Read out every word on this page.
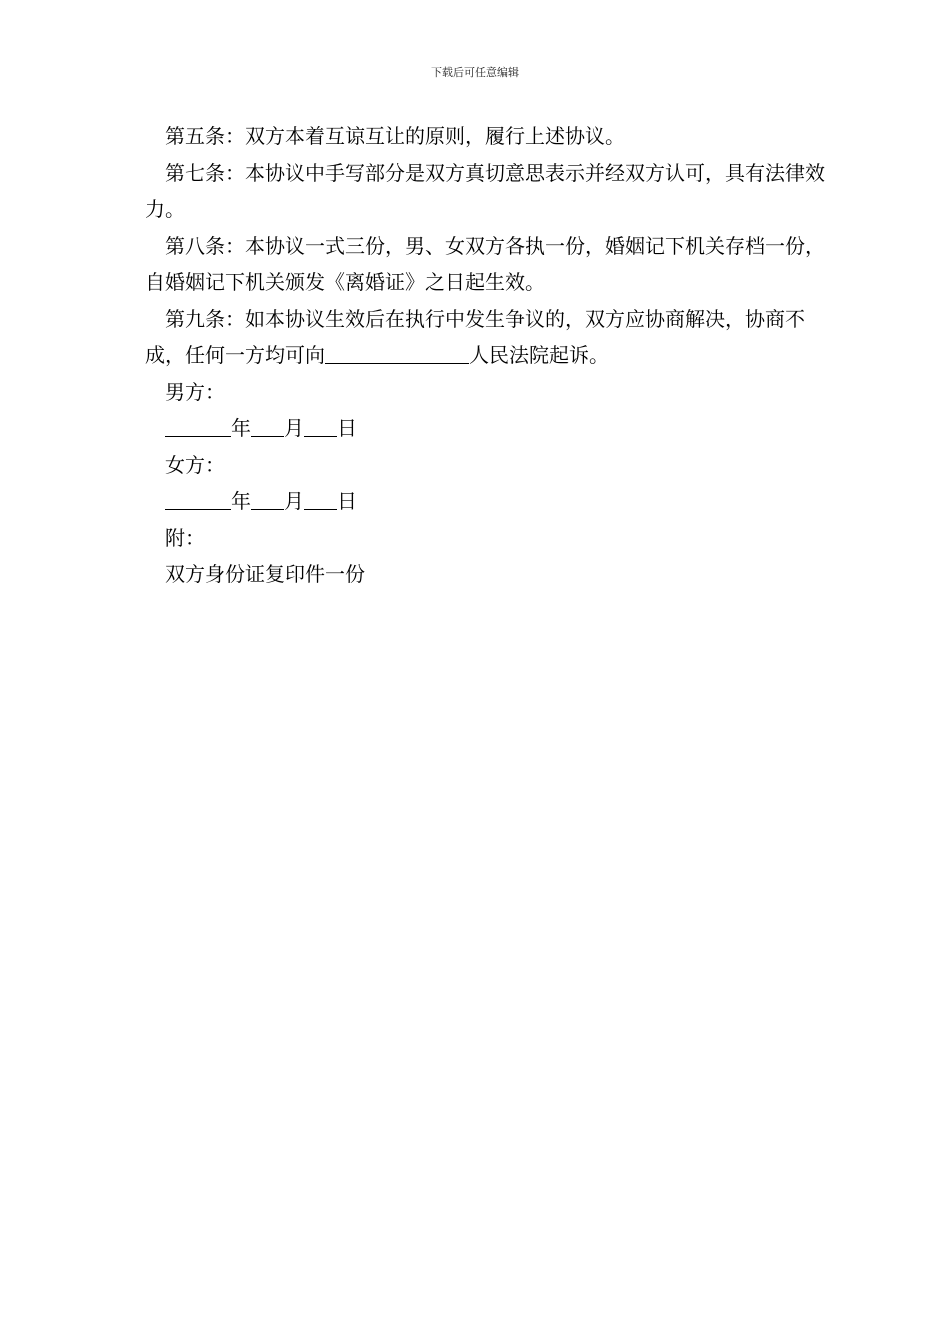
下载后可任意编辑

第五条：双方本着互谅互让的原则，履行上述协议。

第七条：本协议中手写部分是双方真切意思表示并经双方认可，具有法律效力。

第八条：本协议一式三份，男、女双方各执一份，婚姻记下机关存档一份，自婚姻记下机关颁发《离婚证》之日起生效。

第九条：如本协议生效后在执行中发生争议的，双方应协商解决，协商不成，任何一方均可向	人民法院起诉。

男方：

年 月 日

女方：

年 月 日

附：

双方身份证复印件一份
